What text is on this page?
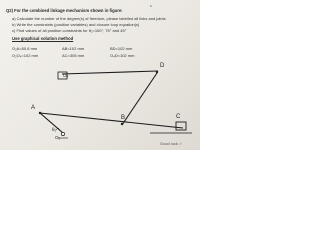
ᴀ
Q2) For the combined linkage mechanism shown in figure:
a) Calculate the number of the degree(s) of freedom, please labelled all links and joints
b) Write the constraints (position variables) and closure loop equation(s)
c) Find values of all position constraints for θ₂=100°, 75° and 45°
Use graphical solution method
O₂A=50.8 mm
O₂O₄=102 mm
AB=102 mm
AC=305 mm
BD=102 mm
O₄D=102 mm
D
O₄
A
B	C
θ₂
O₂
Good luck ✓
